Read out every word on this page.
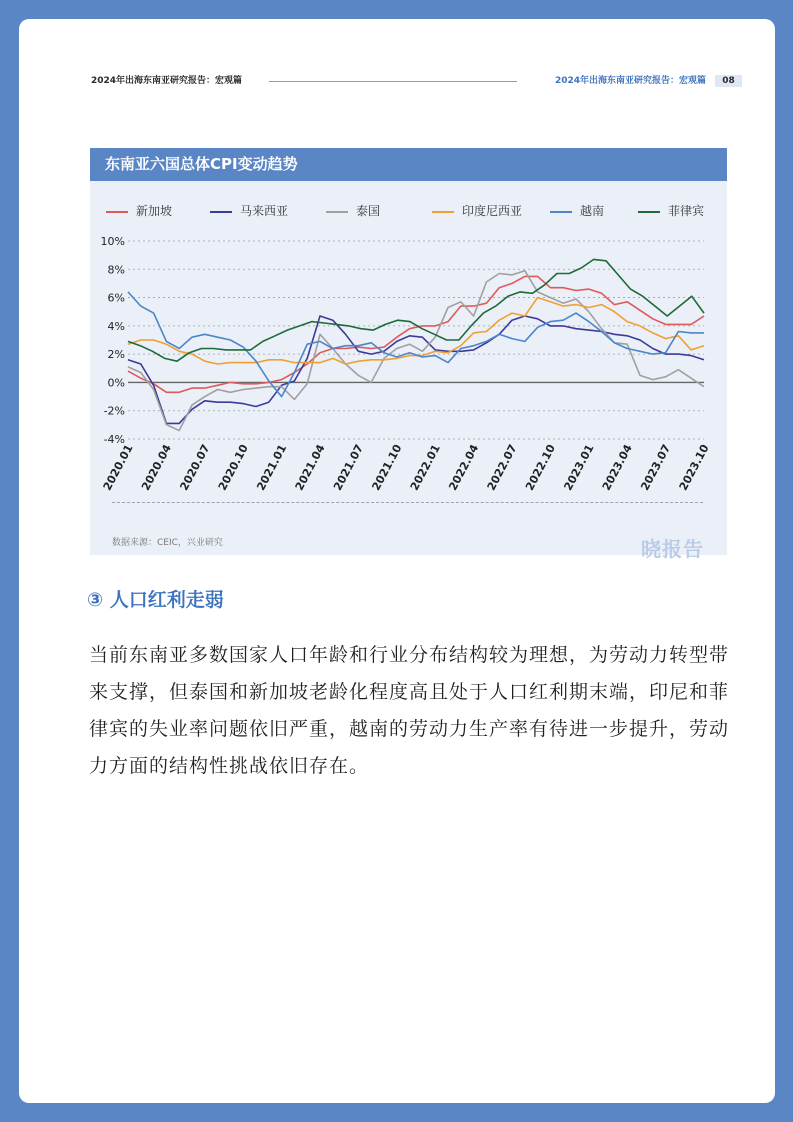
2024年出海东南亚研究报告：宏观篇	2024年出海东南亚研究报告：宏观篇	08
东南亚六国总体CPI变动趋势
新加坡	马来西亚	泰国	印度尼西亚	越南	菲律宾
10%
8%
6%
4%
2%
0%
-2%
-4%
2020.01 2020.04 2020.07 2020.10 2021.01 2021.04 2021.07 2021.10 2022.01 2022.04 2022.07 2022.10 2023.01 2023.04 2023.07 2023.10
数据来源：CEIC，兴业研究	晓报告
③ 人口红利走弱
当前东南亚多数国家人口年龄和行业分布结构较为理想，为劳动力转型带来支撑，但泰国和新加坡老龄化程度高且处于人口红利期末端，印尼和菲律宾的失业率问题依旧严重，越南的劳动力生产率有待进一步提升，劳动力方面的结构性挑战依旧存在。
